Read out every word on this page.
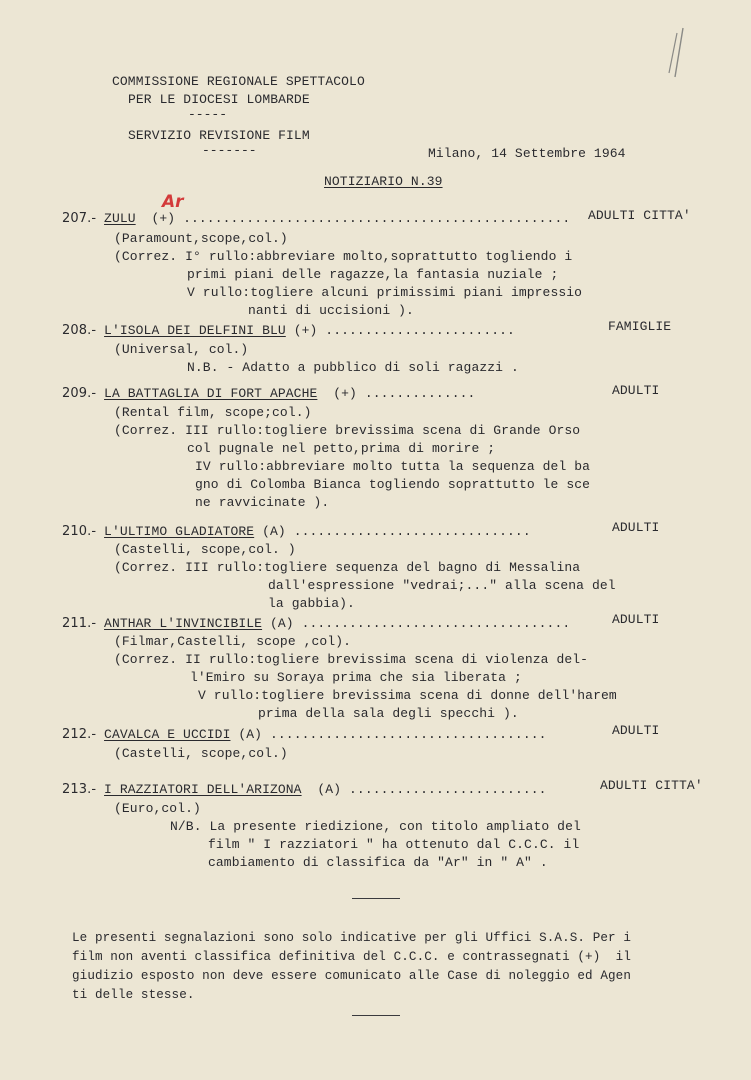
COMMISSIONE REGIONALE SPETTACOLO
PER LE DIOCESI LOMBARDE
-----
SERVIZIO REVISIONE FILM
-------	Milano, 14 Settembre 1964
NOTIZIARIO N.39
Ar
207.- ZULU (+) ................................................. ADULTI CITTA'
(Paramount,scope,col.)
(Correz. I° rullo:abbreviare molto,soprattutto togliendo i
primi piani delle ragazze,la fantasia nuziale ;
V rullo:togliere alcuni primissimi piani impressio
nanti di uccisioni ).
208.- L'ISOLA DEI DELFINI BLU (+) ........................	FAMIGLIE
(Universal, col.)
N.B. - Adatto a pubblico di soli ragazzi .
209.- LA BATTAGLIA DI FORT APACHE (+) ..............	ADULTI
(Rental film, scope;col.)
(Correz. III rullo:togliere brevissima scena di Grande Orso
col pugnale nel petto,prima di morire ;
IV rullo:abbreviare molto tutta la sequenza del ba
gno di Colomba Bianca togliendo soprattutto le sce
ne ravvicinate ).
210.- L'ULTIMO GLADIATORE (A) ..............................	ADULTI
(Castelli, scope,col. )
(Correz. III rullo:togliere sequenza del bagno di Messalina
dall'espressione "vedrai;..." alla scena del
la gabbia).
211.- ANTHAR L'INVINCIBILE (A) ..................................	ADULTI
(Filmar,Castelli, scope ,col).
(Correz. II rullo:togliere brevissima scena di violenza del-
l'Emiro su Soraya prima che sia liberata ;
V rullo:togliere brevissima scena di donne dell'harem
prima della sala degli specchi ).
212.- CAVALCA E UCCIDI (A) ...................................	ADULTI
(Castelli, scope,col.)
213.- I RAZZIATORI DELL'ARIZONA (A) .........................	ADULTI CITTA'
(Euro,col.)
N/B. La presente riedizione, con titolo ampliato del
film " I razziatori " ha ottenuto dal C.C.C. il
cambiamento di classifica da "Ar" in " A" .
Le presenti segnalazioni sono solo indicative per gli Uffici S.A.S. Per i
film non aventi classifica definitiva del C.C.C. e contrassegnati (+)  il
giudizio esposto non deve essere comunicato alle Case di noleggio ed Agen
ti delle stesse.
